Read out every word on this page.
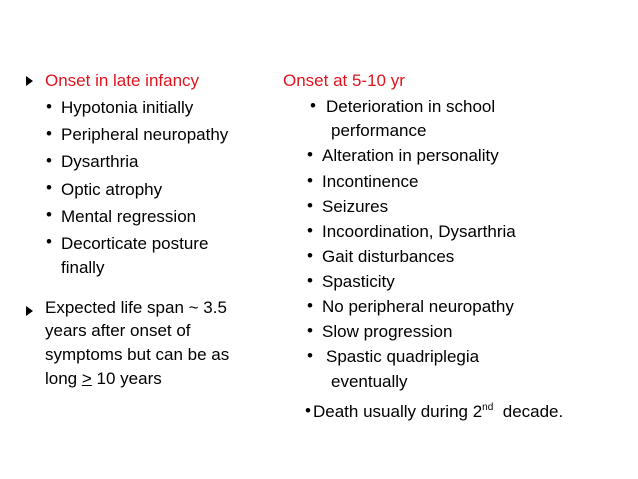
Onset in late infancy
• Hypotonia initially
• Peripheral neuropathy
• Dysarthria
• Optic atrophy
• Mental regression
• Decorticate posture
finally
Expected life span ~ 3.5
years after onset of
symptoms but can be as
long ≥ 10 years
Onset at 5-10 yr
• Deterioration in school
performance
• Alteration in personality
• Incontinence
• Seizures
• Incoordination, Dysarthria
• Gait disturbances
• Spasticity
• No peripheral neuropathy
• Slow progression
• Spastic quadriplegia
eventually
• Death usually during 2nd  decade.
